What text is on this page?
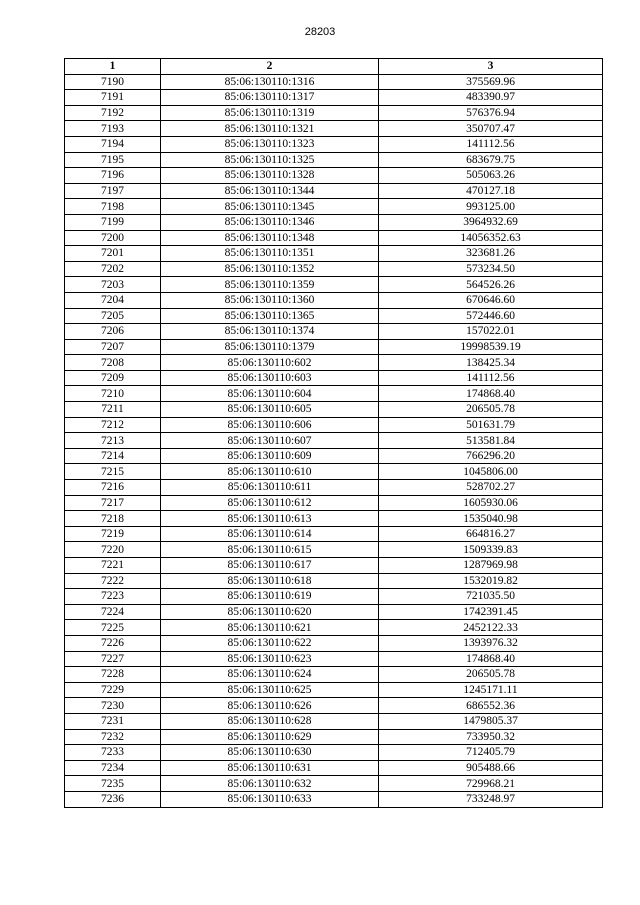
28203
1	2	3
7190	85:06:130110:1316	375569.96
7191	85:06:130110:1317	483390.97
7192	85:06:130110:1319	576376.94
7193	85:06:130110:1321	350707.47
7194	85:06:130110:1323	141112.56
7195	85:06:130110:1325	683679.75
7196	85:06:130110:1328	505063.26
7197	85:06:130110:1344	470127.18
7198	85:06:130110:1345	993125.00
7199	85:06:130110:1346	3964932.69
7200	85:06:130110:1348	14056352.63
7201	85:06:130110:1351	323681.26
7202	85:06:130110:1352	573234.50
7203	85:06:130110:1359	564526.26
7204	85:06:130110:1360	670646.60
7205	85:06:130110:1365	572446.60
7206	85:06:130110:1374	157022.01
7207	85:06:130110:1379	19998539.19
7208	85:06:130110:602	138425.34
7209	85:06:130110:603	141112.56
7210	85:06:130110:604	174868.40
7211	85:06:130110:605	206505.78
7212	85:06:130110:606	501631.79
7213	85:06:130110:607	513581.84
7214	85:06:130110:609	766296.20
7215	85:06:130110:610	1045806.00
7216	85:06:130110:611	528702.27
7217	85:06:130110:612	1605930.06
7218	85:06:130110:613	1535040.98
7219	85:06:130110:614	664816.27
7220	85:06:130110:615	1509339.83
7221	85:06:130110:617	1287969.98
7222	85:06:130110:618	1532019.82
7223	85:06:130110:619	721035.50
7224	85:06:130110:620	1742391.45
7225	85:06:130110:621	2452122.33
7226	85:06:130110:622	1393976.32
7227	85:06:130110:623	174868.40
7228	85:06:130110:624	206505.78
7229	85:06:130110:625	1245171.11
7230	85:06:130110:626	686552.36
7231	85:06:130110:628	1479805.37
7232	85:06:130110:629	733950.32
7233	85:06:130110:630	712405.79
7234	85:06:130110:631	905488.66
7235	85:06:130110:632	729968.21
7236	85:06:130110:633	733248.97
